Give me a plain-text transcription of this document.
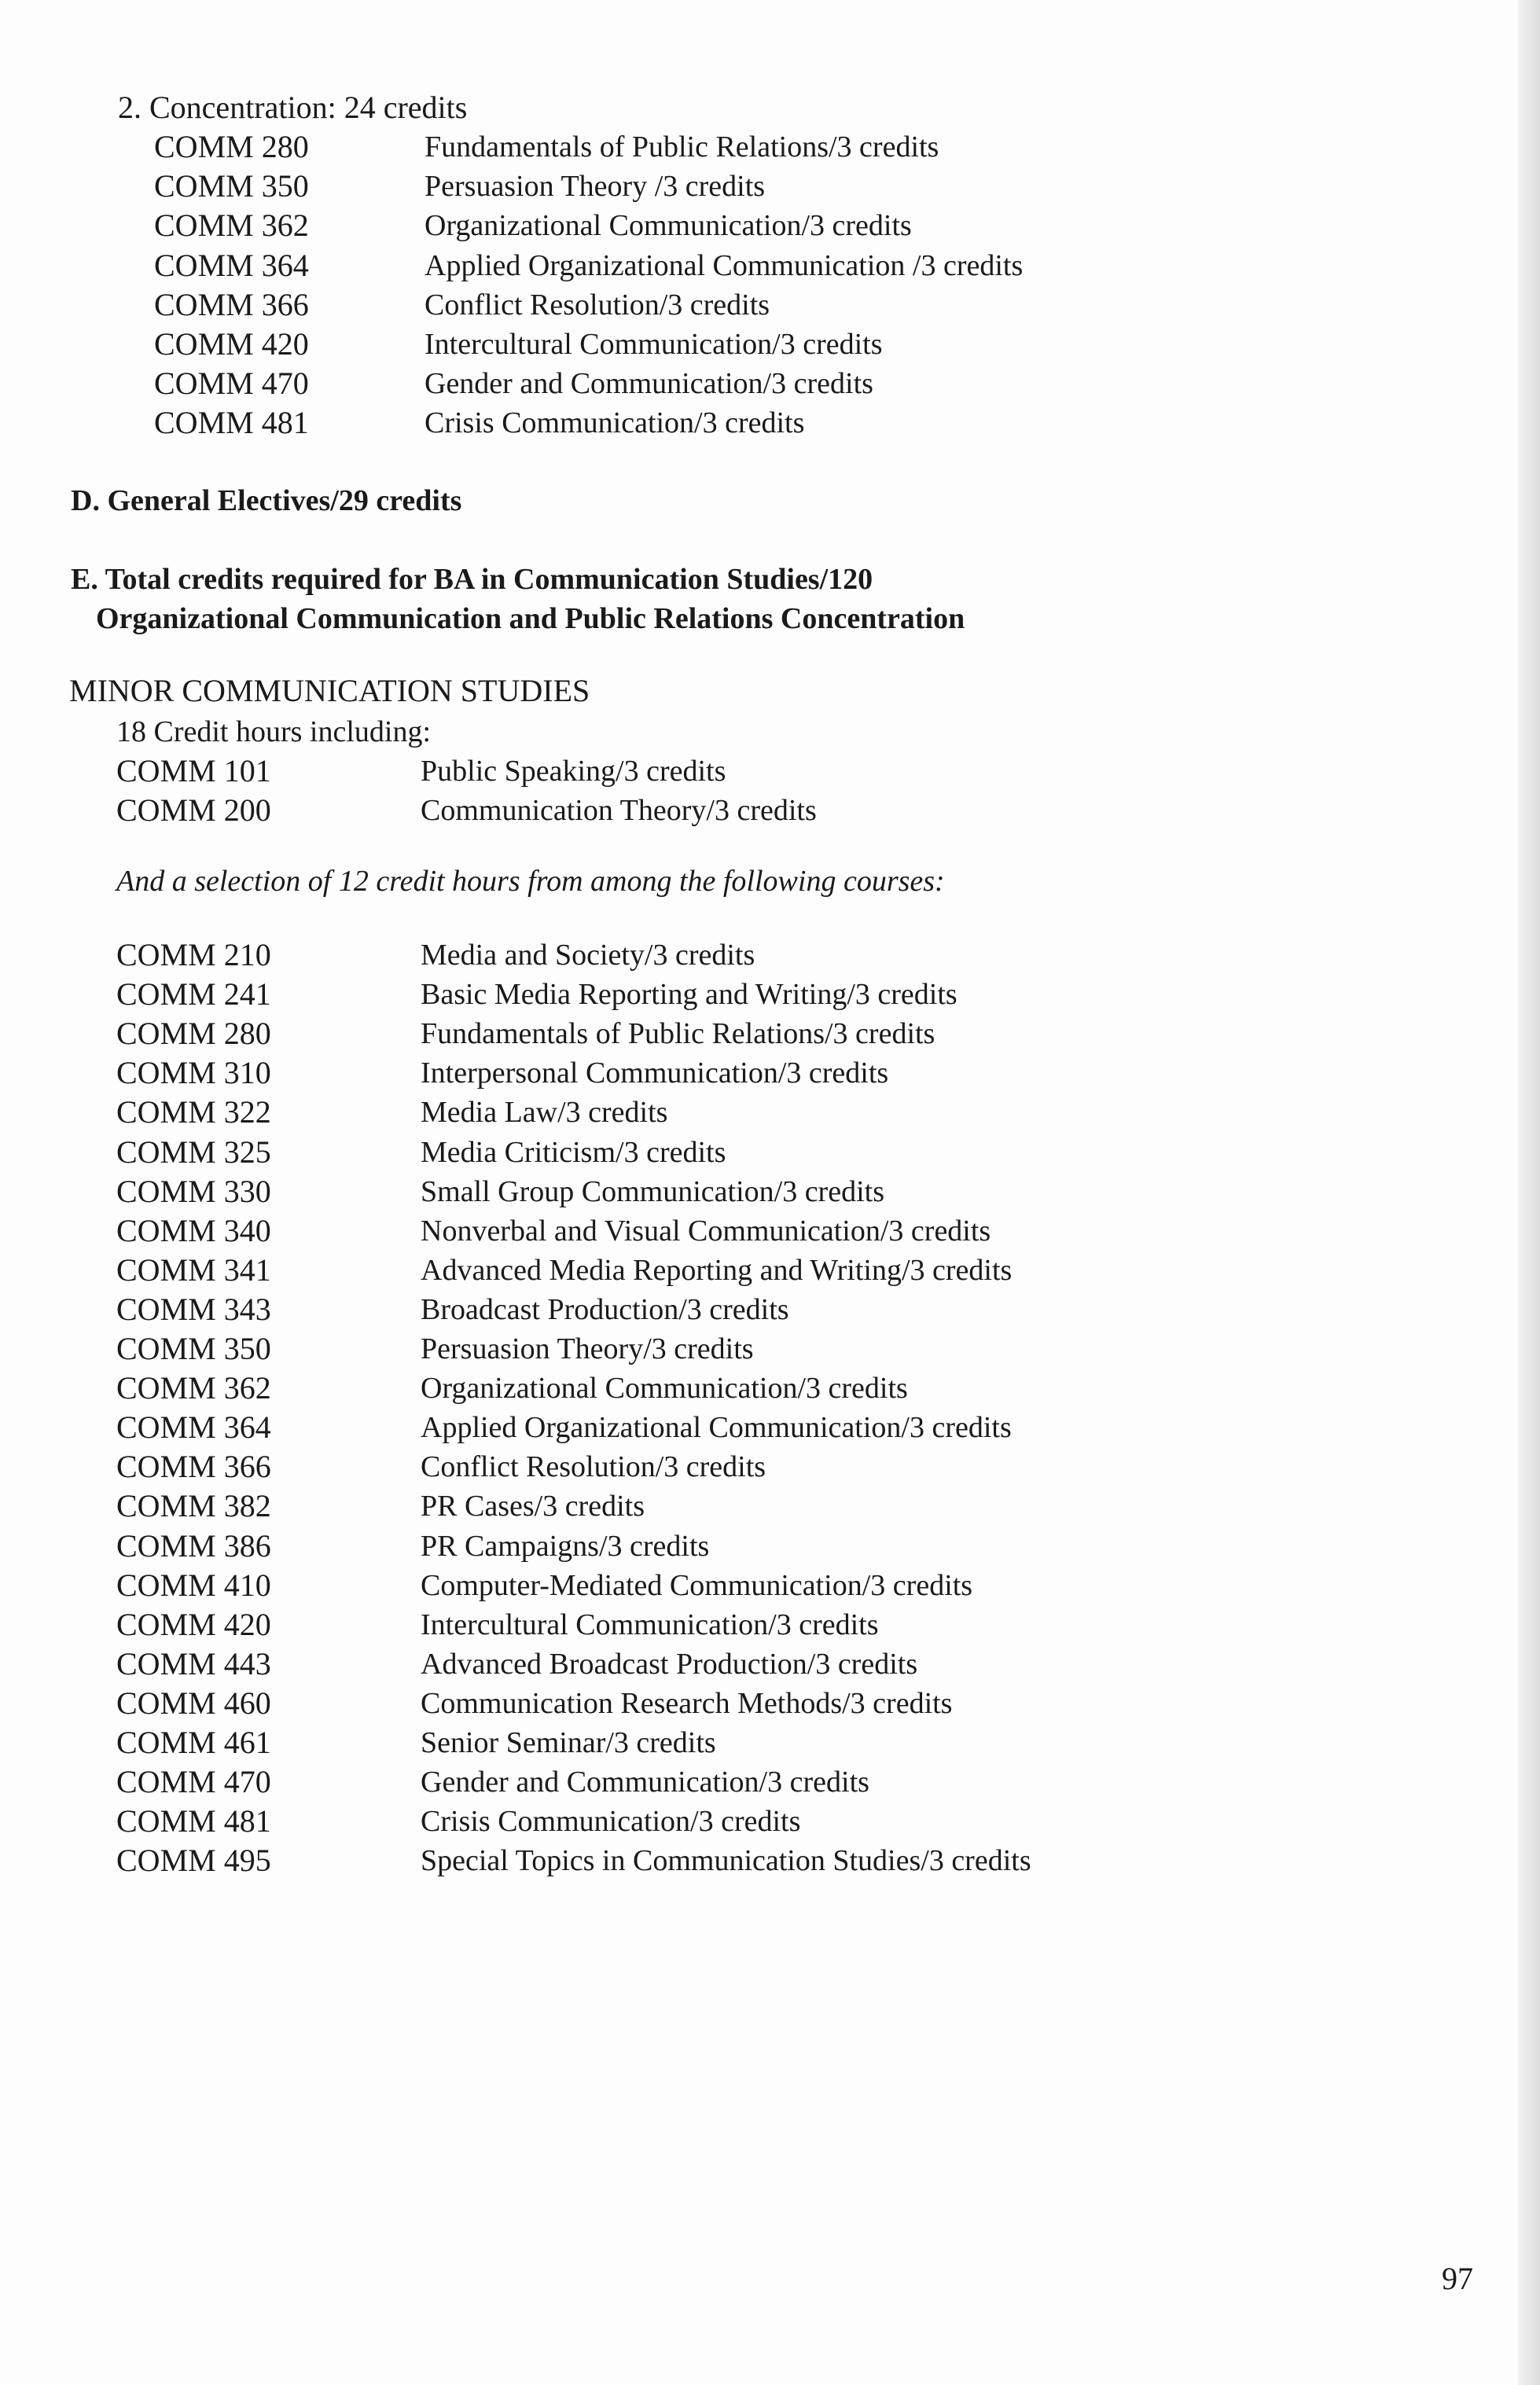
2. Concentration: 24 credits
COMM 280	Fundamentals of Public Relations/3 credits
COMM 350	Persuasion Theory /3 credits
COMM 362	Organizational Communication/3 credits
COMM 364	Applied Organizational Communication /3 credits
COMM 366	Conflict Resolution/3 credits
COMM 420	Intercultural Communication/3 credits
COMM 470	Gender and Communication/3 credits
COMM 481	Crisis Communication/3 credits
D. General Electives/29 credits
E. Total credits required for BA in Communication Studies/120
Organizational Communication and Public Relations Concentration
MINOR COMMUNICATION STUDIES
18 Credit hours including:
COMM 101	Public Speaking/3 credits
COMM 200	Communication Theory/3 credits
And a selection of 12 credit hours from among the following courses:
COMM 210	Media and Society/3 credits
COMM 241	Basic Media Reporting and Writing/3 credits
COMM 280	Fundamentals of Public Relations/3 credits
COMM 310	Interpersonal Communication/3 credits
COMM 322	Media Law/3 credits
COMM 325	Media Criticism/3 credits
COMM 330	Small Group Communication/3 credits
COMM 340	Nonverbal and Visual Communication/3 credits
COMM 341	Advanced Media Reporting and Writing/3 credits
COMM 343	Broadcast Production/3 credits
COMM 350	Persuasion Theory/3 credits
COMM 362	Organizational Communication/3 credits
COMM 364	Applied Organizational Communication/3 credits
COMM 366	Conflict Resolution/3 credits
COMM 382	PR Cases/3 credits
COMM 386	PR Campaigns/3 credits
COMM 410	Computer-Mediated Communication/3 credits
COMM 420	Intercultural Communication/3 credits
COMM 443	Advanced Broadcast Production/3 credits
COMM 460	Communication Research Methods/3 credits
COMM 461	Senior Seminar/3 credits
COMM 470	Gender and Communication/3 credits
COMM 481	Crisis Communication/3 credits
COMM 495	Special Topics in Communication Studies/3 credits
97
